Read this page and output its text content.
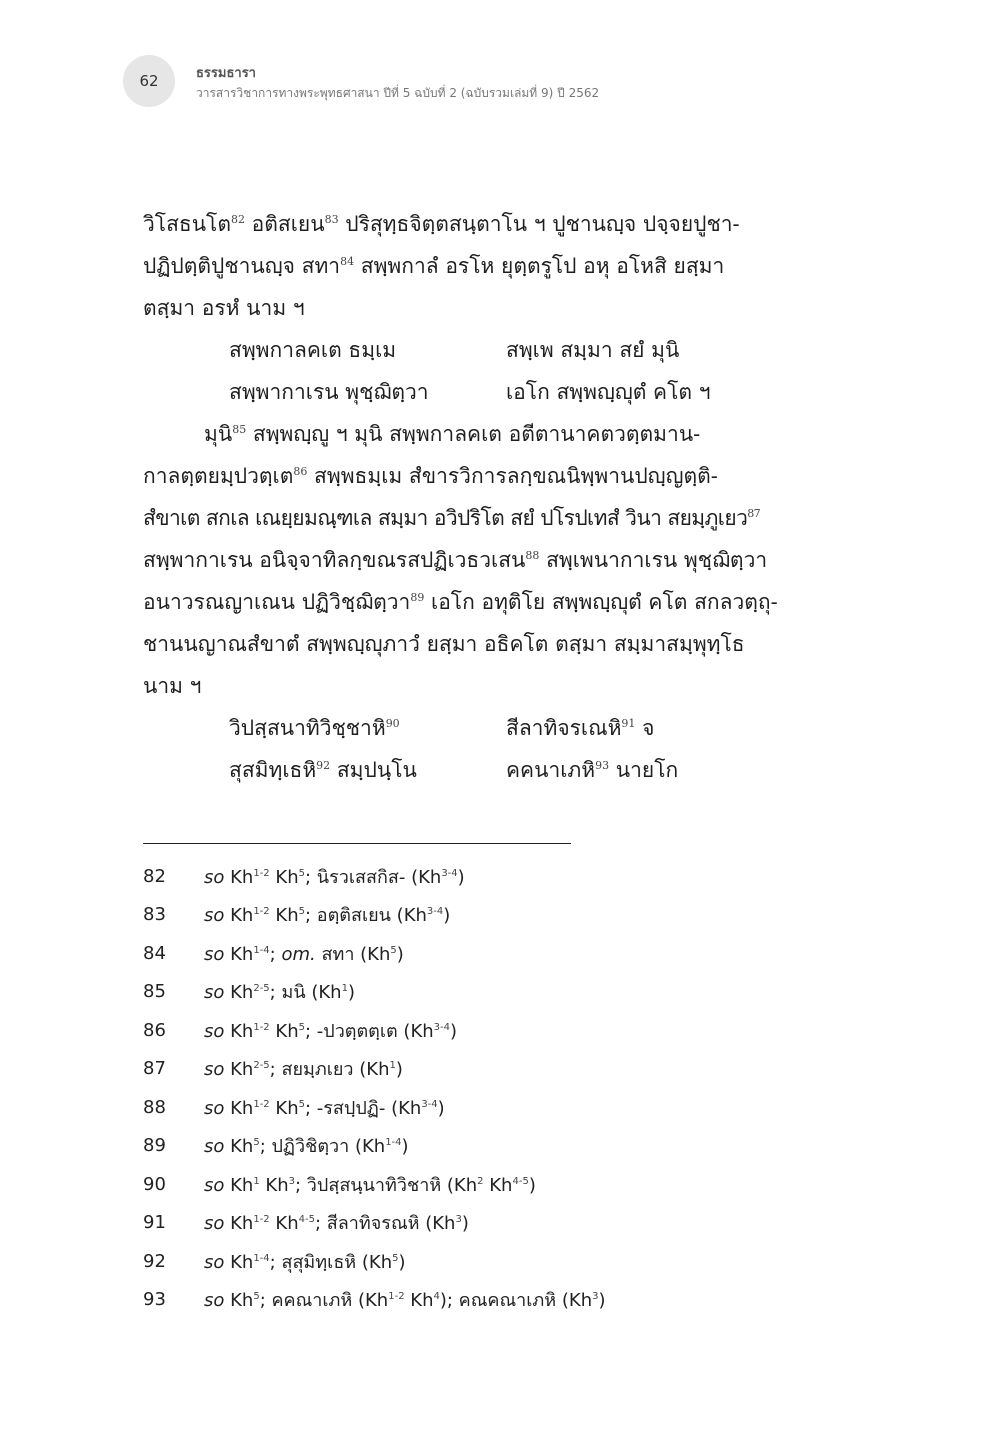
62	ธรรมธารา
วารสารวิชาการทางพระพุทธศาสนา ปีที่ 5 ฉบับที่ 2 (ฉบับรวมเล่มที่ 9) ปี 2562

วิโสธนโต$^{82}$ อติสเยน$^{83}$ ปริสุทฺธจิตฺตสนฺตาโน ฯ ปูชานญฺจ ปจฺจยปูชา-
ปฏิปตฺติปูชานญฺจ สทา$^{84}$ สพฺพกาลํ อรโห ยุตฺตรูโป อหุ อโหสิ ยสฺมา
ตสฺมา อรหํ นาม ฯ

สพฺพกาลคเต ธมฺเม	สพฺเพ สมฺมา สยํ มุนิ
สพฺพากาเรน พุชฺฌิตฺวา	เอโก สพฺพญฺญุตํ คโต ฯ

มุนิ$^{85}$ สพฺพญฺญู ฯ มุนิ สพฺพกาลคเต อตีตานาคตวตฺตมาน-
กาลตฺตยมฺปวตฺเต$^{86}$ สพฺพธมฺเม สํขารวิการลกฺขณนิพฺพานปญฺญตฺติ-
สํขาเต สกเล เณยฺยมณฺฑเล สมฺมา อวิปริโต สยํ ปโรปเทสํ วินา สยมฺภูเยว$^{87}$
สพฺพากาเรน อนิจฺจาทิลกฺขณรสปฏิเวธวเสน$^{88}$ สพฺเพนากาเรน พุชฺฌิตฺวา
อนาวรณญาเณน ปฏิวิชฺฌิตฺวา$^{89}$ เอโก อทุติโย สพฺพญฺญุตํ คโต สกลวตฺถุ-
ชานนญาณสํขาตํ สพฺพญฺญุภาวํ ยสฺมา อธิคโต ตสฺมา สมฺมาสมฺพุทฺโธ
นาม ฯ

วิปสฺสนาทิวิชฺชาหิ$^{90}$	สีลาทิจรเณหิ$^{91}$ จ
สุสมิทฺเธหิ$^{92}$ สมฺปนฺโน	คคนาเภหิ$^{93}$ นายโก
82	so Kh$^{1-2}$ Kh$^5$; นิรวเสสกิส- (Kh$^{3-4}$)
83	so Kh$^{1-2}$ Kh$^5$; อตฺติสเยน (Kh$^{3-4}$)
84	so Kh$^{1-4}$; om. สทา (Kh$^5$)
85	so Kh$^{2-5}$; มนิ (Kh$^1$)
86	so Kh$^{1-2}$ Kh$^5$; -ปวตฺตตฺเต (Kh$^{3-4}$)
87	so Kh$^{2-5}$; สยมฺภเยว (Kh$^1$)
88	so Kh$^{1-2}$ Kh$^5$; -รสปฺปฏิ- (Kh$^{3-4}$)
89	so Kh$^5$; ปฏิวิชิตฺวา (Kh$^{1-4}$)
90	so Kh$^1$ Kh$^3$; วิปสฺสนฺนาทิวิชาหิ (Kh$^2$ Kh$^{4-5}$)
91	so Kh$^{1-2}$ Kh$^{4-5}$; สีลาทิจรณหิ (Kh$^3$)
92	so Kh$^{1-4}$; สุสุมิทฺเธหิ (Kh$^5$)
93	so Kh$^5$; คคณาเภหิ (Kh$^{1-2}$ Kh$^4$); คณคณาเภหิ (Kh$^3$)
